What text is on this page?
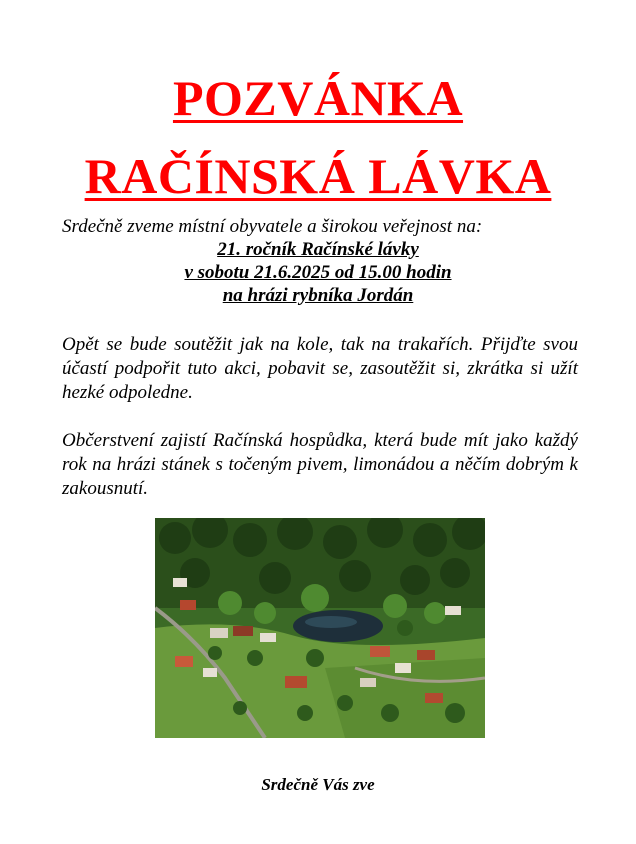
POZVÁNKA
RAČÍNSKÁ LÁVKA
Srdečně zveme místní obyvatele a širokou veřejnost na:
21. ročník Račínské lávky
v sobotu 21.6.2025 od 15.00 hodin
na hrázi rybníka Jordán
Opět se bude soutěžit jak na kole, tak na trakařích. Přijďte svou účastí podpořit tuto akci, pobavit se, zasoutěžit si, zkrátka si užít hezké odpoledne.
Občerstvení zajistí Račínská hospůdka, která bude mít jako každý rok na hrázi stánek s točeným pivem, limonádou a něčím dobrým k zakousnutí.
Srdečně Vás zve
